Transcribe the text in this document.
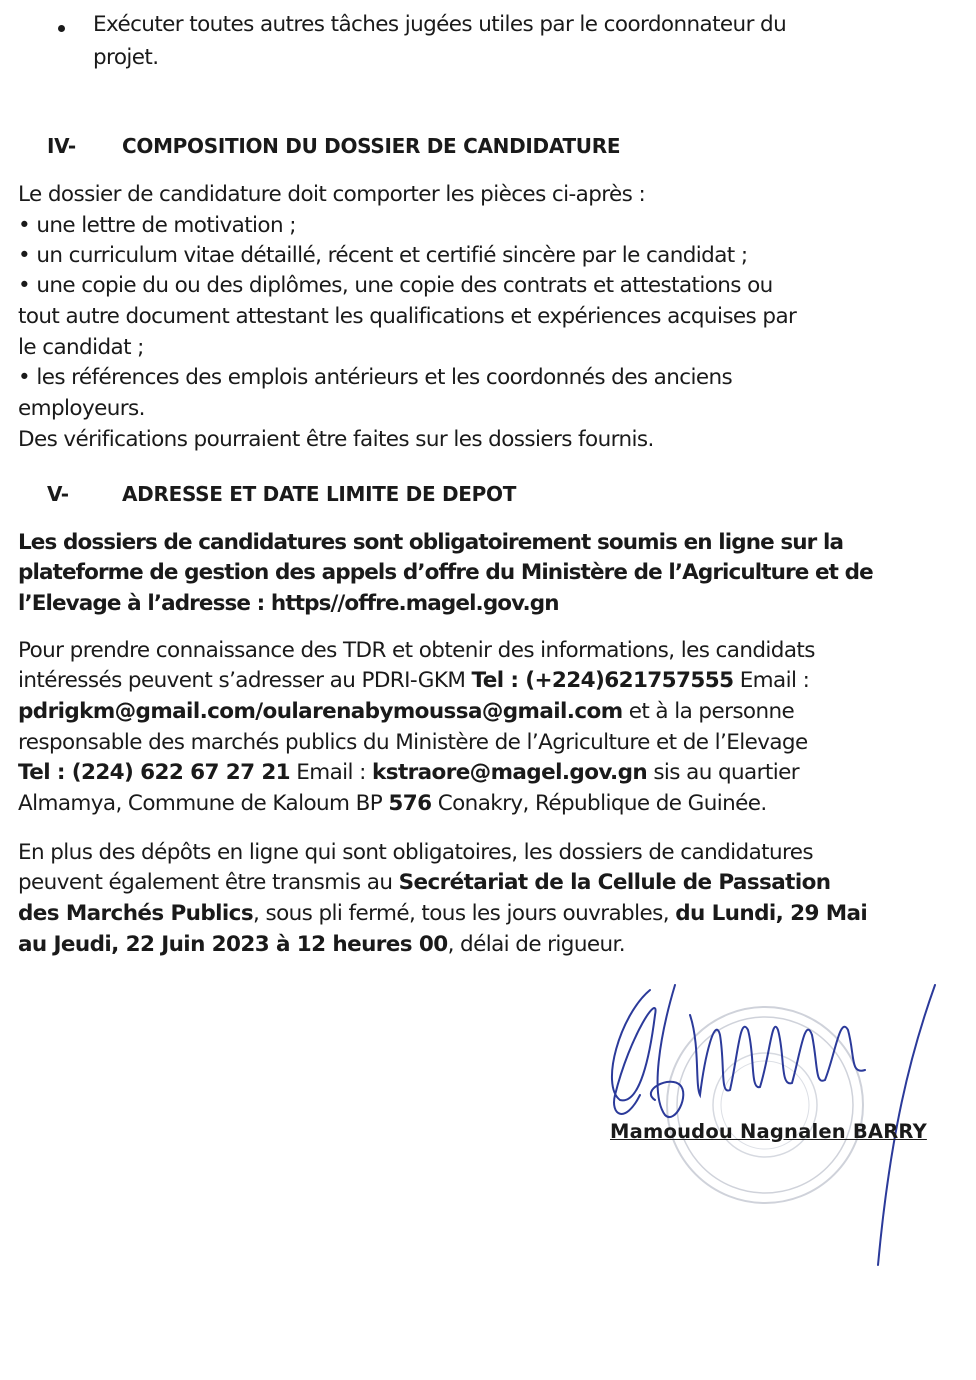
Exécuter toutes autres tâches jugées utiles par le coordonnateur du
projet.
IV- COMPOSITION DU DOSSIER DE CANDIDATURE
Le dossier de candidature doit comporter les pièces ci-après :
• une lettre de motivation ;
• un curriculum vitae détaillé, récent et certifié sincère par le candidat ;
• une copie du ou des diplômes, une copie des contrats et attestations ou
tout autre document attestant les qualifications et expériences acquises par
le candidat ;
• les références des emplois antérieurs et les coordonnés des anciens
employeurs.
Des vérifications pourraient être faites sur les dossiers fournis.
V-	ADRESSE ET DATE LIMITE DE DEPOT
Les dossiers de candidatures sont obligatoirement soumis en ligne sur la
plateforme de gestion des appels d’offre du Ministère de l’Agriculture et de
l’Elevage à l’adresse : https//offre.magel.gov.gn
Pour prendre connaissance des TDR et obtenir des informations, les candidats
intéressés peuvent s’adresser au PDRI-GKM Tel : (+224)621757555 Email :
pdrigkm@gmail.com/oularenabymoussa@gmail.com et à la personne
responsable des marchés publics du Ministère de l’Agriculture et de l’Elevage
Tel : (224) 622 67 27 21 Email : kstraore@magel.gov.gn sis au quartier
Almamya, Commune de Kaloum BP 576 Conakry, République de Guinée.
En plus des dépôts en ligne qui sont obligatoires, les dossiers de candidatures
peuvent également être transmis au Secrétariat de la Cellule de Passation
des Marchés Publics, sous pli fermé, tous les jours ouvrables, du Lundi, 29 Mai
au Jeudi, 22 Juin 2023 à 12 heures 00, délai de rigueur.
Mamoudou Nagnalen BARRY
